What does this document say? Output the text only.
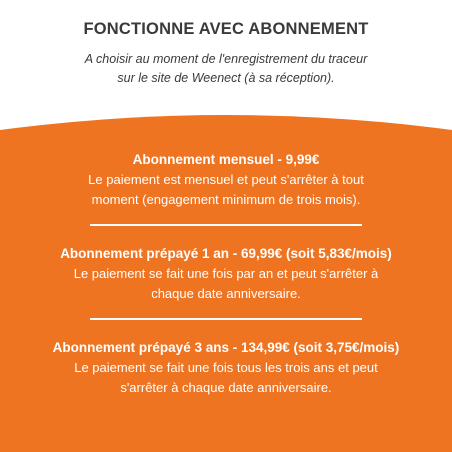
FONCTIONNE AVEC ABONNEMENT
A choisir au moment de l'enregistrement du traceur
sur le site de Weenect (à sa réception).
Abonnement mensuel - 9,99€
Le paiement est mensuel et peut s'arrêter à tout
moment (engagement minimum de trois mois).
Abonnement prépayé 1 an - 69,99€ (soit 5,83€/mois)
Le paiement se fait une fois par an et peut s'arrêter à
chaque date anniversaire.
Abonnement prépayé 3 ans - 134,99€ (soit 3,75€/mois)
Le paiement se fait une fois tous les trois ans et peut
s'arrêter à chaque date anniversaire.
